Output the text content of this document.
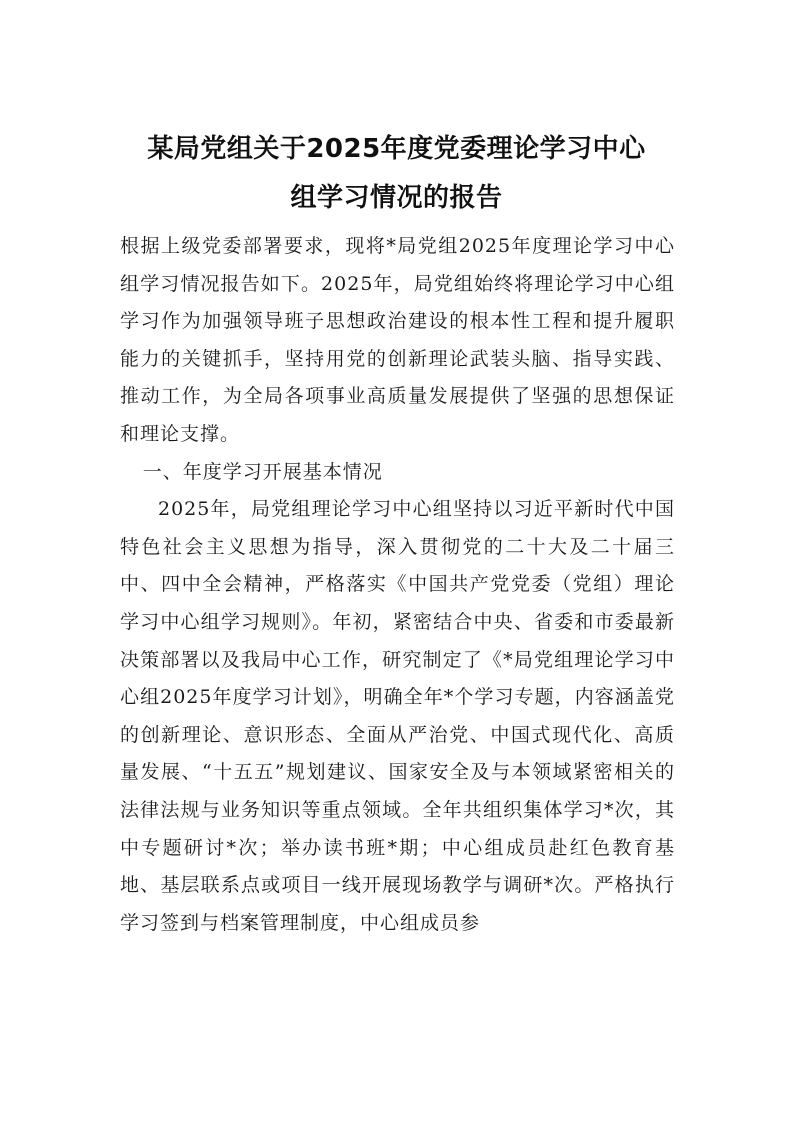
某局党组关于2025年度党委理论学习中心
组学习情况的报告

根据上级党委部署要求，现将*局党组2025年度理论学习中心组学习情况报告如下。2025年，局党组始终将理论学习中心组学习作为加强领导班子思想政治建设的根本性工程和提升履职能力的关键抓手，坚持用党的创新理论武装头脑、指导实践、推动工作，为全局各项事业高质量发展提供了坚强的思想保证和理论支撑。

一、年度学习开展基本情况

2025年，局党组理论学习中心组坚持以习近平新时代中国特色社会主义思想为指导，深入贯彻党的二十大及二十届三中、四中全会精神，严格落实《中国共产党党委（党组）理论学习中心组学习规则》。年初，紧密结合中央、省委和市委最新决策部署以及我局中心工作，研究制定了《*局党组理论学习中心组2025年度学习计划》，明确全年*个学习专题，内容涵盖党的创新理论、意识形态、全面从严治党、中国式现代化、高质量发展、“十五五”规划建议、国家安全及与本领域紧密相关的法律法规与业务知识等重点领域。全年共组织集体学习*次，其中专题研讨*次；举办读书班*期；中心组成员赴红色教育基地、基层联系点或项目一线开展现场教学与调研*次。严格执行学习签到与档案管理制度，中心组成员参
